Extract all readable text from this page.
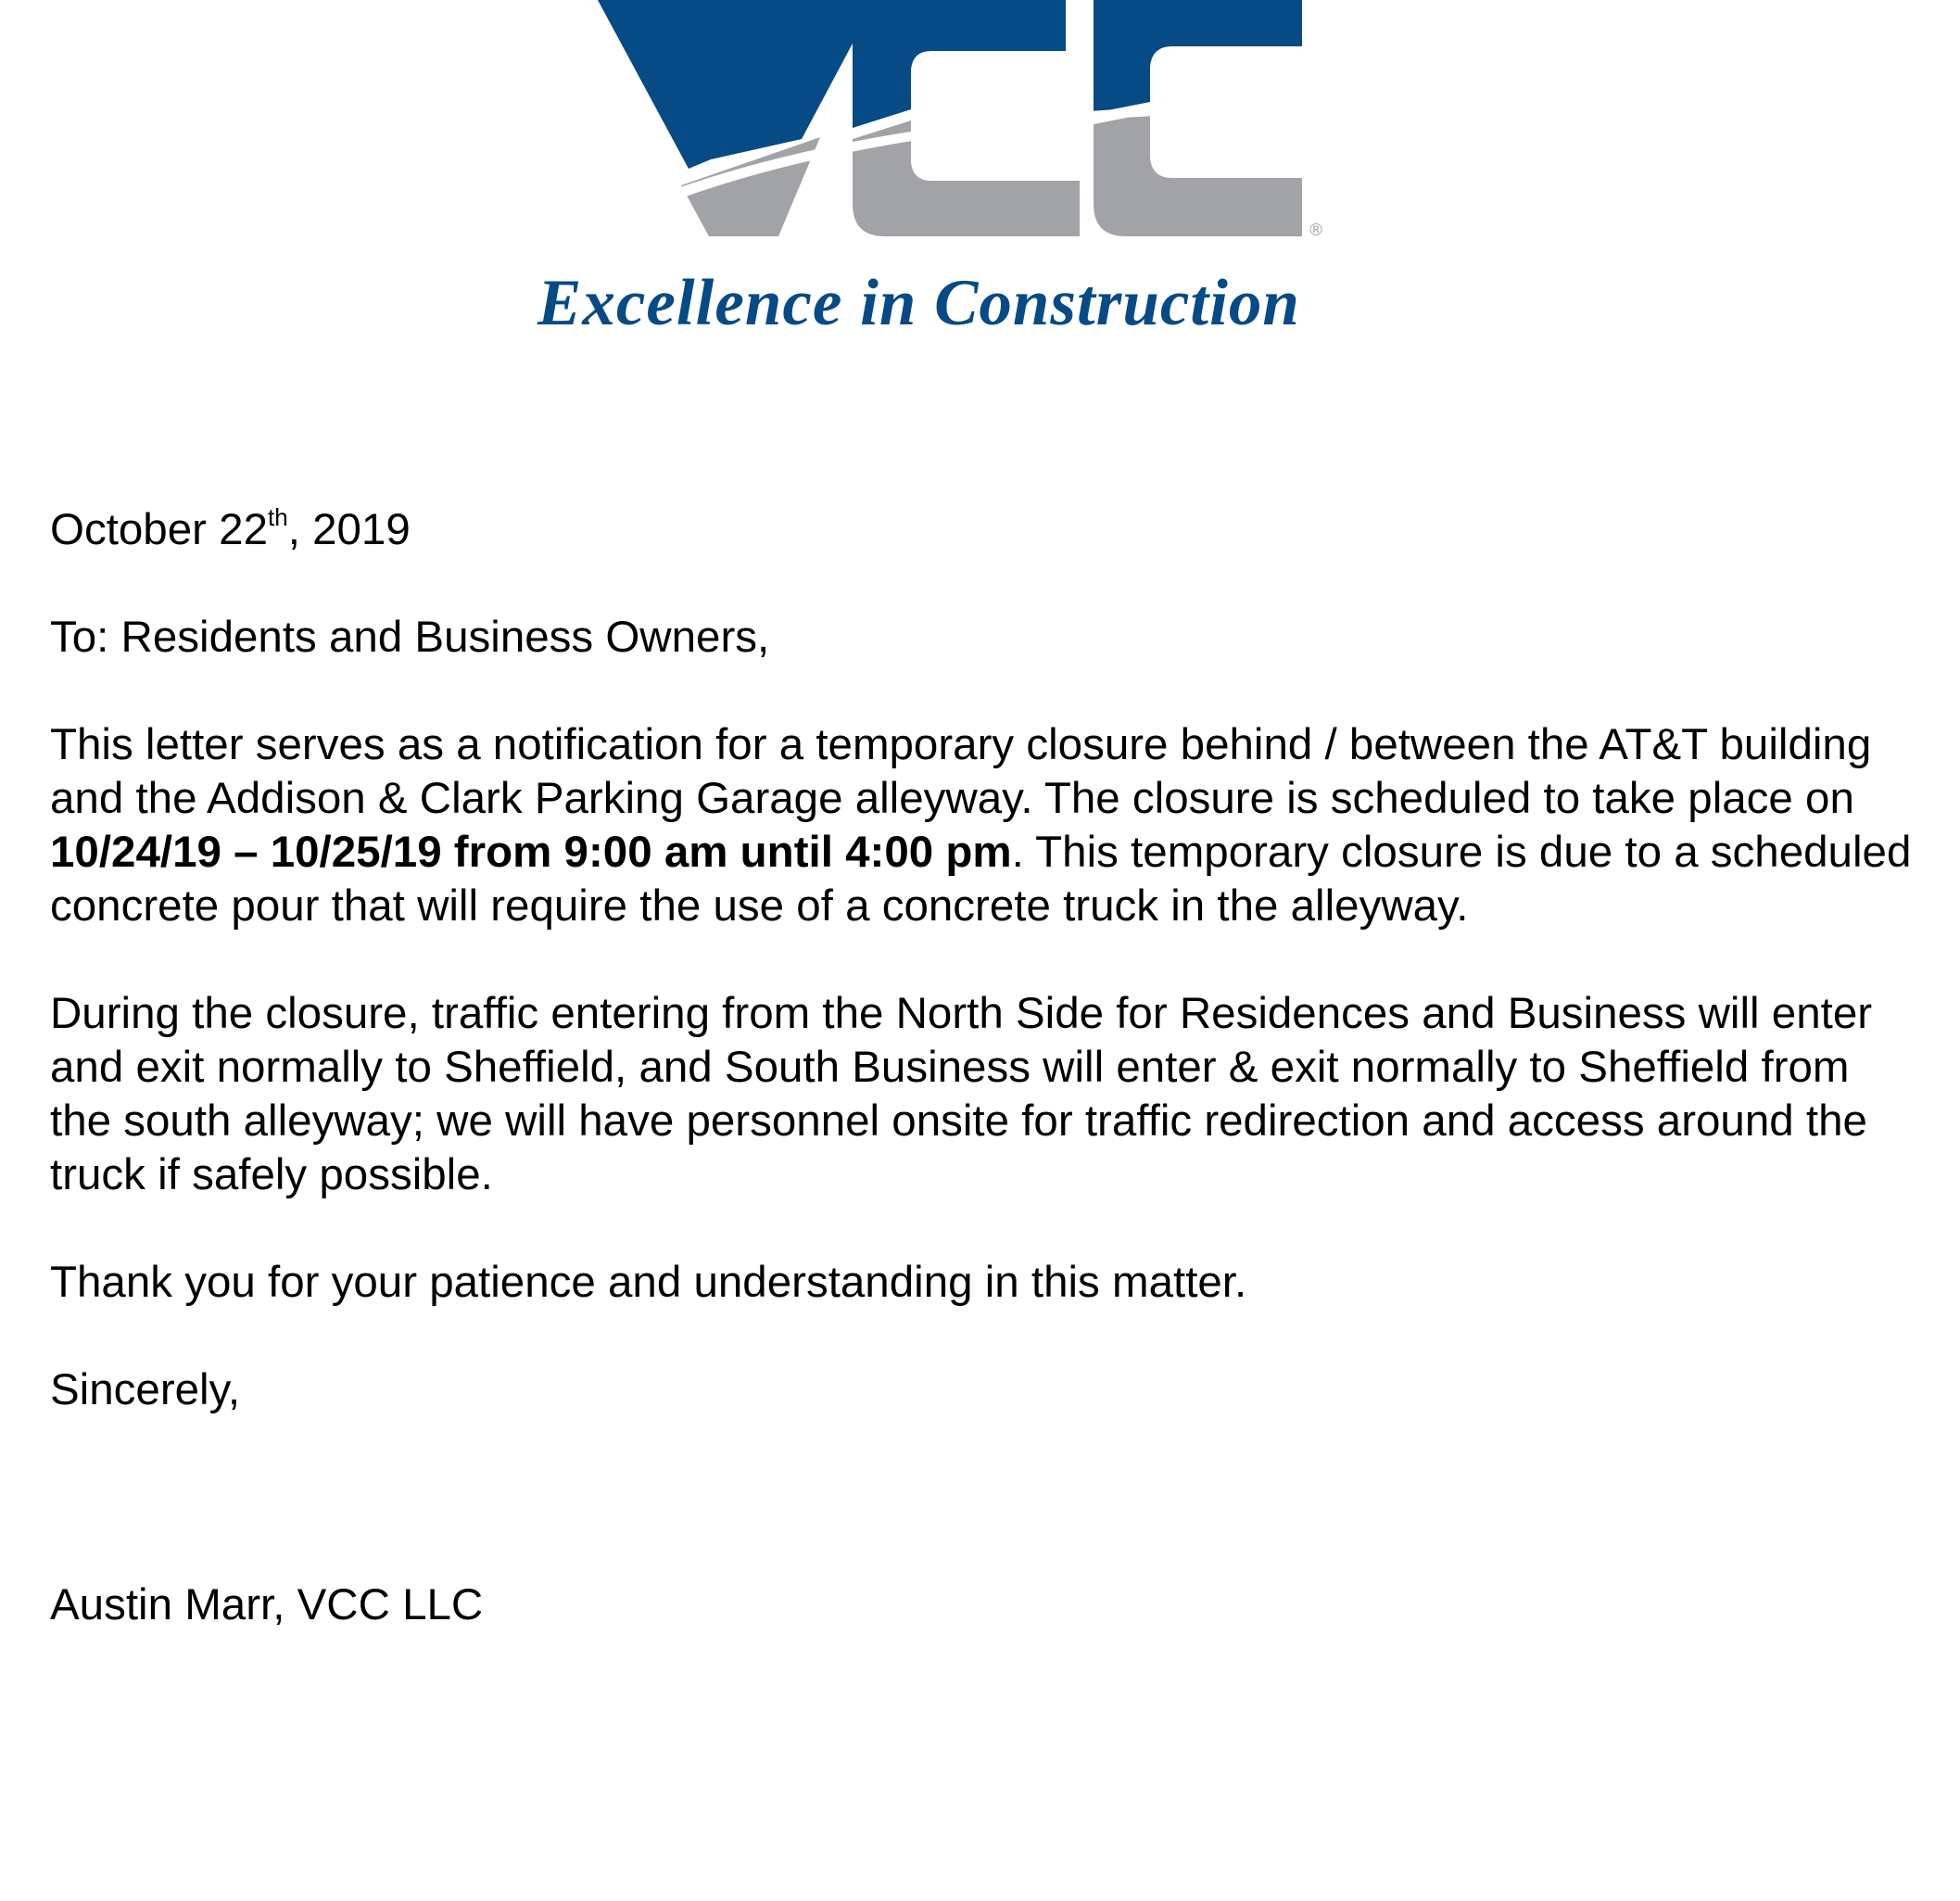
®
Excellence in Construction

October 22th, 2019

To: Residents and Business Owners,

This letter serves as a notification for a temporary closure behind / between the AT&T building and the Addison & Clark Parking Garage alleyway. The closure is scheduled to take place on 10/24/19 – 10/25/19 from 9:00 am until 4:00 pm. This temporary closure is due to a scheduled concrete pour that will require the use of a concrete truck in the alleyway.

During the closure, traffic entering from the North Side for Residences and Business will enter and exit normally to Sheffield, and South Business will enter & exit normally to Sheffield from the south alleyway; we will have personnel onsite for traffic redirection and access around the truck if safely possible.

Thank you for your patience and understanding in this matter.

Sincerely,

Austin Marr, VCC LLC
